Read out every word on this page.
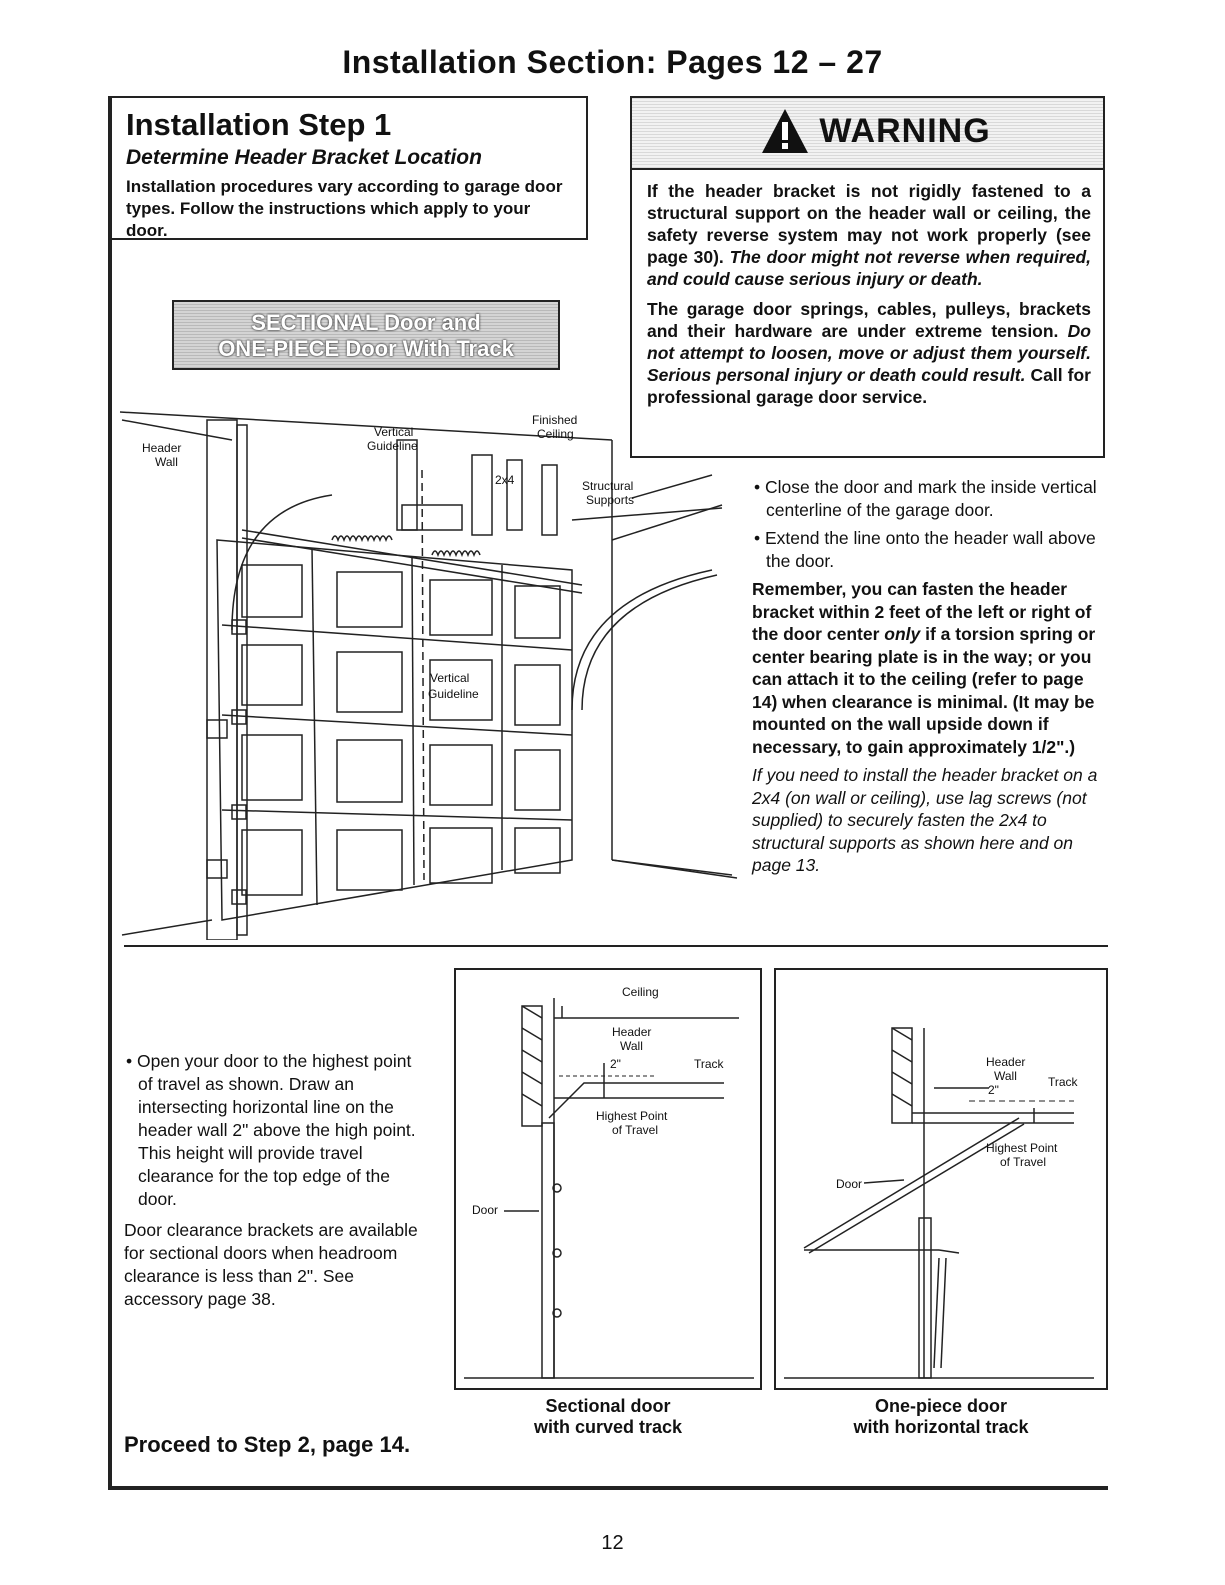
Installation Section: Pages 12 – 27
Installation Step 1
Determine Header Bracket Location
Installation procedures vary according to garage door types. Follow the instructions which apply to your door.
WARNING

If the header bracket is not rigidly fastened to a structural support on the header wall or ceiling, the safety reverse system may not work properly (see page 30). The door might not reverse when required, and could cause serious injury or death.

The garage door springs, cables, pulleys, brackets and their hardware are under extreme tension. Do not attempt to loosen, move or adjust them yourself. Serious personal injury or death could result. Call for professional garage door service.

Header
Wall
Vertical
Guideline
Finished
Ceiling
2x4	Structural
Supports
Vertical
Guideline
SECTIONAL Door and
ONE-PIECE Door With Track
• Close the door and mark the inside vertical centerline of the garage door.
• Extend the line onto the header wall above the door.
Remember, you can fasten the header bracket within 2 feet of the left or right of the door center only if a torsion spring or center bearing plate is in the way; or you can attach it to the ceiling (refer to page 14) when clearance is minimal. (It may be mounted on the wall upside down if necessary, to gain approximately 1/2".)
If you need to install the header bracket on a 2x4 (on wall or ceiling), use lag screws (not supplied) to securely fasten the 2x4 to structural supports as shown here and on page 13.
• Open your door to the highest point of travel as shown. Draw an intersecting horizontal line on the header wall 2" above the high point. This height will provide travel clearance for the top edge of the door.
Door clearance brackets are available for sectional doors when headroom clearance is less than 2". See accessory page 38.
Ceiling
Header
Wall
2"	Track
Highest Point
of Travel
Door
Sectional door
with curved track
Header
Wall
2"
Track
Highest Point
of Travel
Door
One-piece door
with horizontal track
Proceed to Step 2, page 14.
12
